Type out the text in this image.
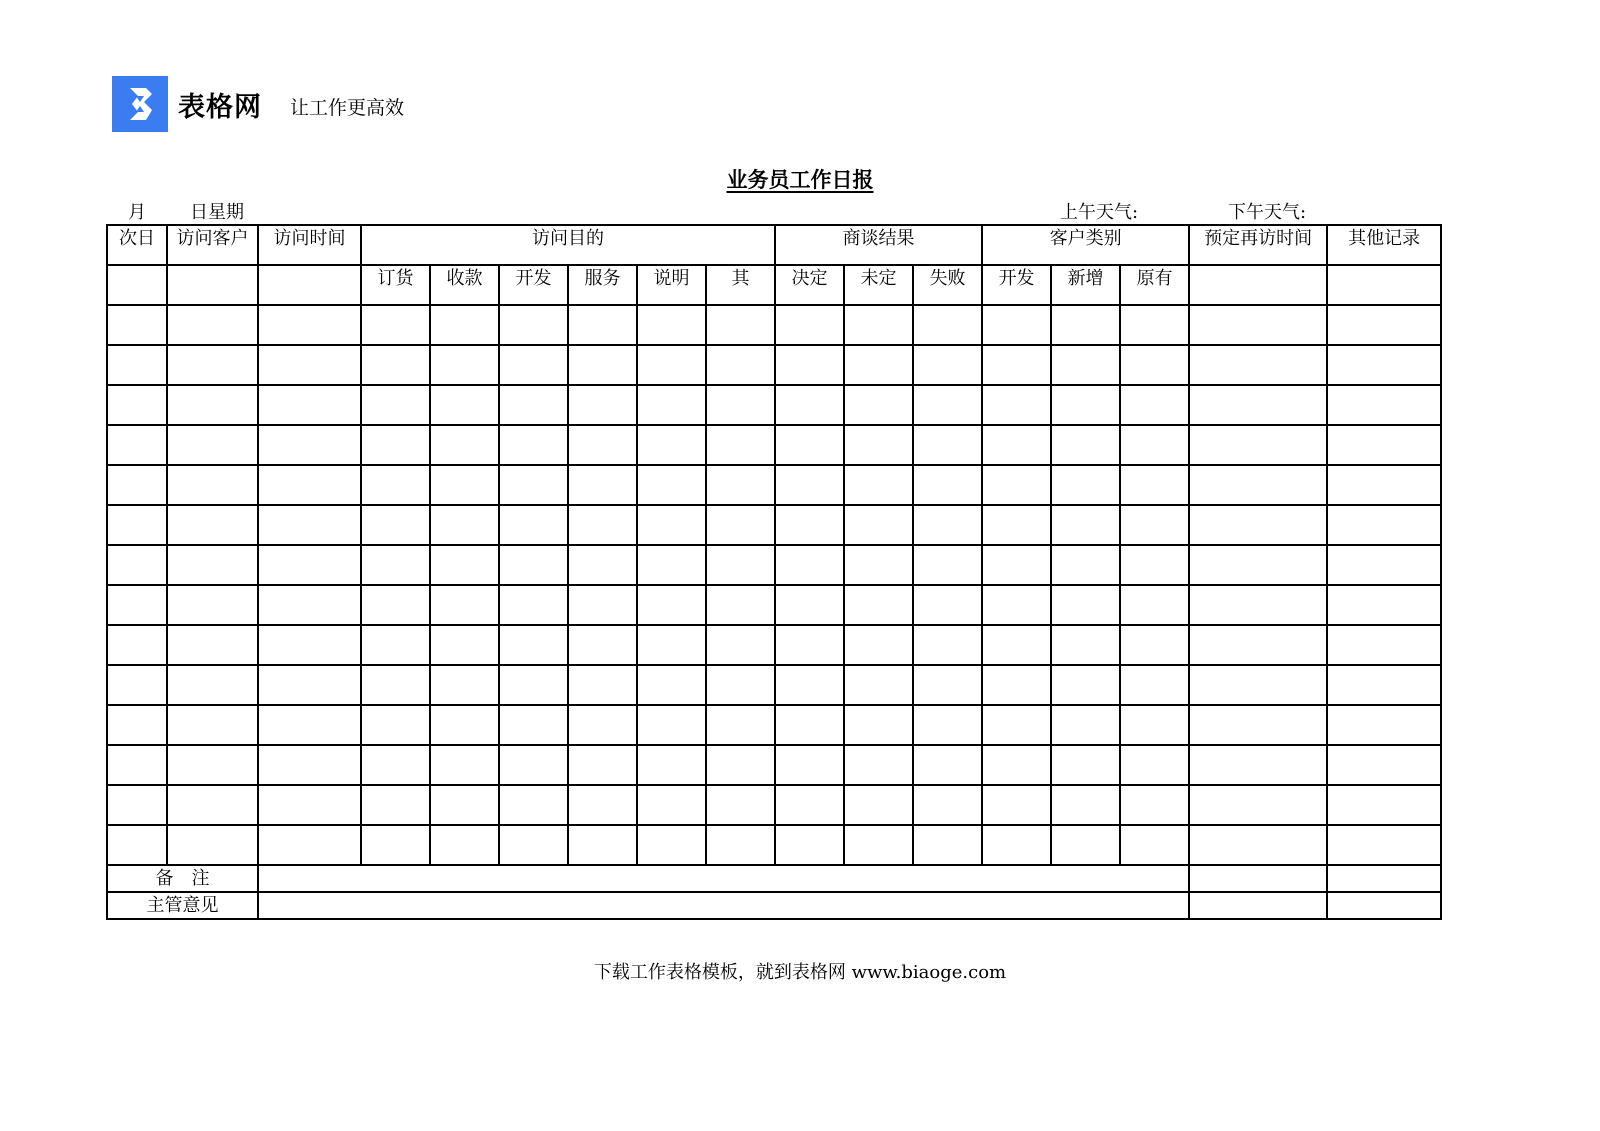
表格网 让工作更高效
业务员工作日报
月 日星期	上午天气:	下午天气:
次日	访问客户	访问时间	访问目的						商谈结果			客户类别			预定再访时间	其他记录
			订货	收款	开发	服务	说明	其	决定	未定	失败	开发	新增	原有		

备　注																
主管意见																
下载工作表格模板，就到表格网 www.biaoge.com
